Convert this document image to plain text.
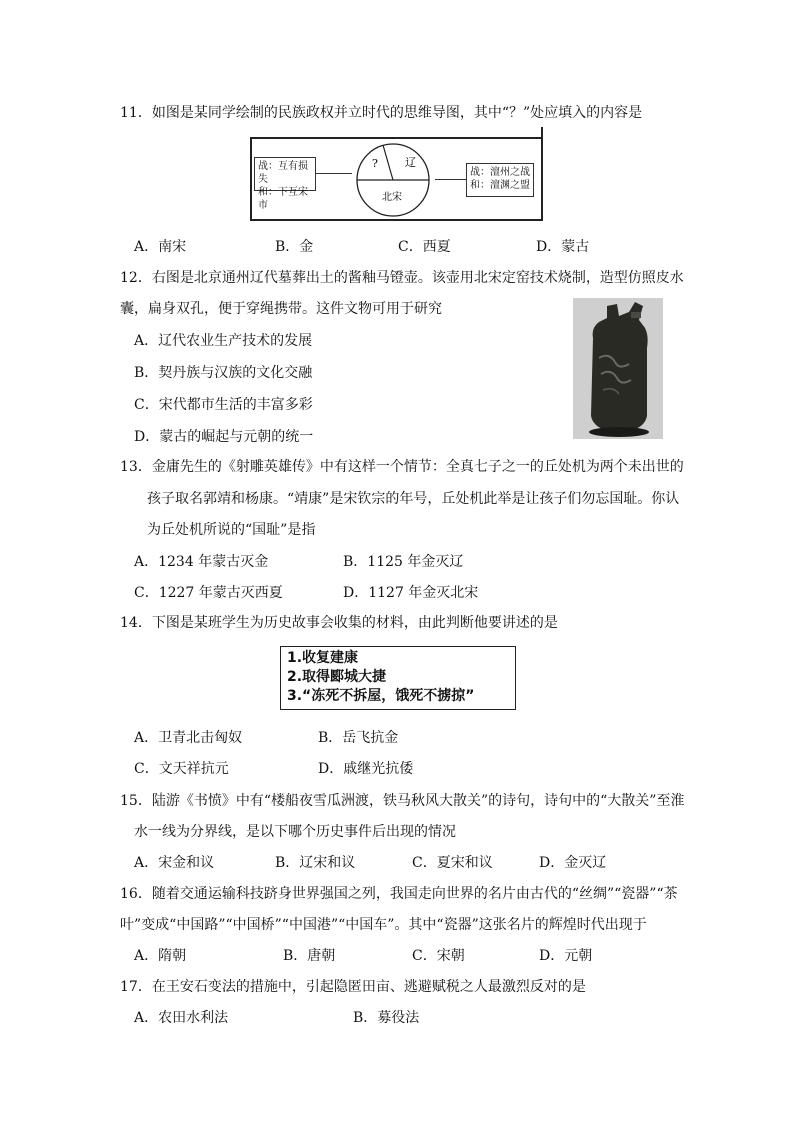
11．如图是某同学绘制的民族政权并立时代的思维导图，其中“？”处应填入的内容是
战：互有损失
和：下互宋市
? 辽
北宋
战：澶州之战
和：澶渊之盟
A．南宋	B．金	C．西夏	D．蒙古
12．右图是北京通州辽代墓葬出土的酱釉马镫壶。该壶用北宋定窑技术烧制，造型仿照皮水
囊，扁身双孔，便于穿绳携带。这件文物可用于研究
A．辽代农业生产技术的发展
B．契丹族与汉族的文化交融
C．宋代都市生活的丰富多彩
D．蒙古的崛起与元朝的统一
13．金庸先生的《射雕英雄传》中有这样一个情节：全真七子之一的丘处机为两个未出世的
孩子取名郭靖和杨康。“靖康”是宋钦宗的年号，丘处机此举是让孩子们勿忘国耻。你认
为丘处机所说的“国耻”是指
A．1234 年蒙古灭金	B．1125 年金灭辽
C．1227 年蒙古灭西夏	D．1127 年金灭北宋
14．下图是某班学生为历史故事会收集的材料，由此判断他要讲述的是
1.收复建康
2.取得郾城大捷
3.“冻死不拆屋，饿死不掳掠”
A．卫青北击匈奴	B．岳飞抗金
C．文天祥抗元	D．戚继光抗倭
15．陆游《书愤》中有“楼船夜雪瓜洲渡，铁马秋风大散关”的诗句，诗句中的“大散关”至淮
水一线为分界线，是以下哪个历史事件后出现的情况
A．宋金和议	B．辽宋和议	C．夏宋和议	D．金灭辽
16．随着交通运输科技跻身世界强国之列，我国走向世界的名片由古代的“丝绸”“瓷器”“茶
叶”变成“中国路”“中国桥”“中国港”“中国车”。其中“瓷器”这张名片的辉煌时代出现于
A．隋朝	B．唐朝	C．宋朝	D．元朝
17．在王安石变法的措施中，引起隐匿田亩、逃避赋税之人最激烈反对的是
A．农田水利法	B．募役法
